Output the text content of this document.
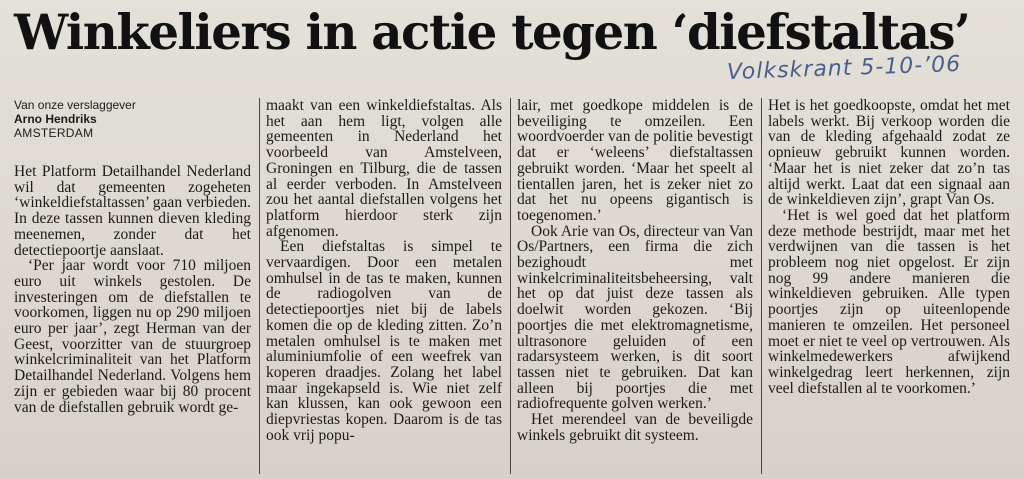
Winkeliers in actie tegen ‘diefstaltas’
Volkskrant 5-10-’06
Van onze verslaggever
Arno Hendriks
AMSTERDAM

Het Platform Detailhandel Nederland wil dat gemeenten zogeheten ‘winkeldiefstaltassen’ gaan verbieden. In deze tassen kunnen dieven kleding meenemen, zonder dat het detectiepoortje aanslaat.

‘Per jaar wordt voor 710 miljoen euro uit winkels gestolen. De investeringen om de diefstallen te voorkomen, liggen nu op 290 miljoen euro per jaar’, zegt Herman van der Geest, voorzitter van de stuurgroep winkelcriminaliteit van het Platform Detailhandel Nederland. Volgens hem zijn er gebieden waar bij 80 procent van de diefstallen gebruik wordt ge-

maakt van een winkeldiefstaltas. Als het aan hem ligt, volgen alle gemeenten in Nederland het voorbeeld van Amstelveen, Groningen en Tilburg, die de tassen al eerder verboden. In Amstelveen zou het aantal diefstallen volgens het platform hierdoor sterk zijn afgenomen.

Een diefstaltas is simpel te vervaardigen. Door een metalen omhulsel in de tas te maken, kunnen de radiogolven van de detectiepoortjes niet bij de labels komen die op de kleding zitten. Zo’n metalen omhulsel is te maken met aluminiumfolie of een weefrek van koperen draadjes. Zolang het label maar ingekapseld is. Wie niet zelf kan klussen, kan ook gewoon een diepvriestas kopen. Daarom is de tas ook vrij popu-

lair, met goedkope middelen is de beveiliging te omzeilen. Een woordvoerder van de politie bevestigt dat er ‘weleens’ diefstaltassen gebruikt worden. ‘Maar het speelt al tientallen jaren, het is zeker niet zo dat het nu opeens gigantisch is toegenomen.’

Ook Arie van Os, directeur van Van Os/Partners, een firma die zich bezighoudt met winkelcriminaliteitsbeheersing, valt het op dat juist deze tassen als doelwit worden gekozen. ‘Bij poortjes die met elektromagnetisme, ultrasonore geluiden of een radarsysteem werken, is dit soort tassen niet te gebruiken. Dat kan alleen bij poortjes die met radiofrequente golven werken.’

Het merendeel van de beveiligde winkels gebruikt dit systeem.

Het is het goedkoopste, omdat het met labels werkt. Bij verkoop worden die van de kleding afgehaald zodat ze opnieuw gebruikt kunnen worden. ‘Maar het is niet zeker dat zo’n tas altijd werkt. Laat dat een signaal aan de winkeldieven zijn’, grapt Van Os.

‘Het is wel goed dat het platform deze methode bestrijdt, maar met het verdwijnen van die tassen is het probleem nog niet opgelost. Er zijn nog 99 andere manieren die winkeldieven gebruiken. Alle typen poortjes zijn op uiteenlopende manieren te omzeilen. Het personeel moet er niet te veel op vertrouwen. Als winkelmedewerkers afwijkend winkelgedrag leert herkennen, zijn veel diefstallen al te voorkomen.’
